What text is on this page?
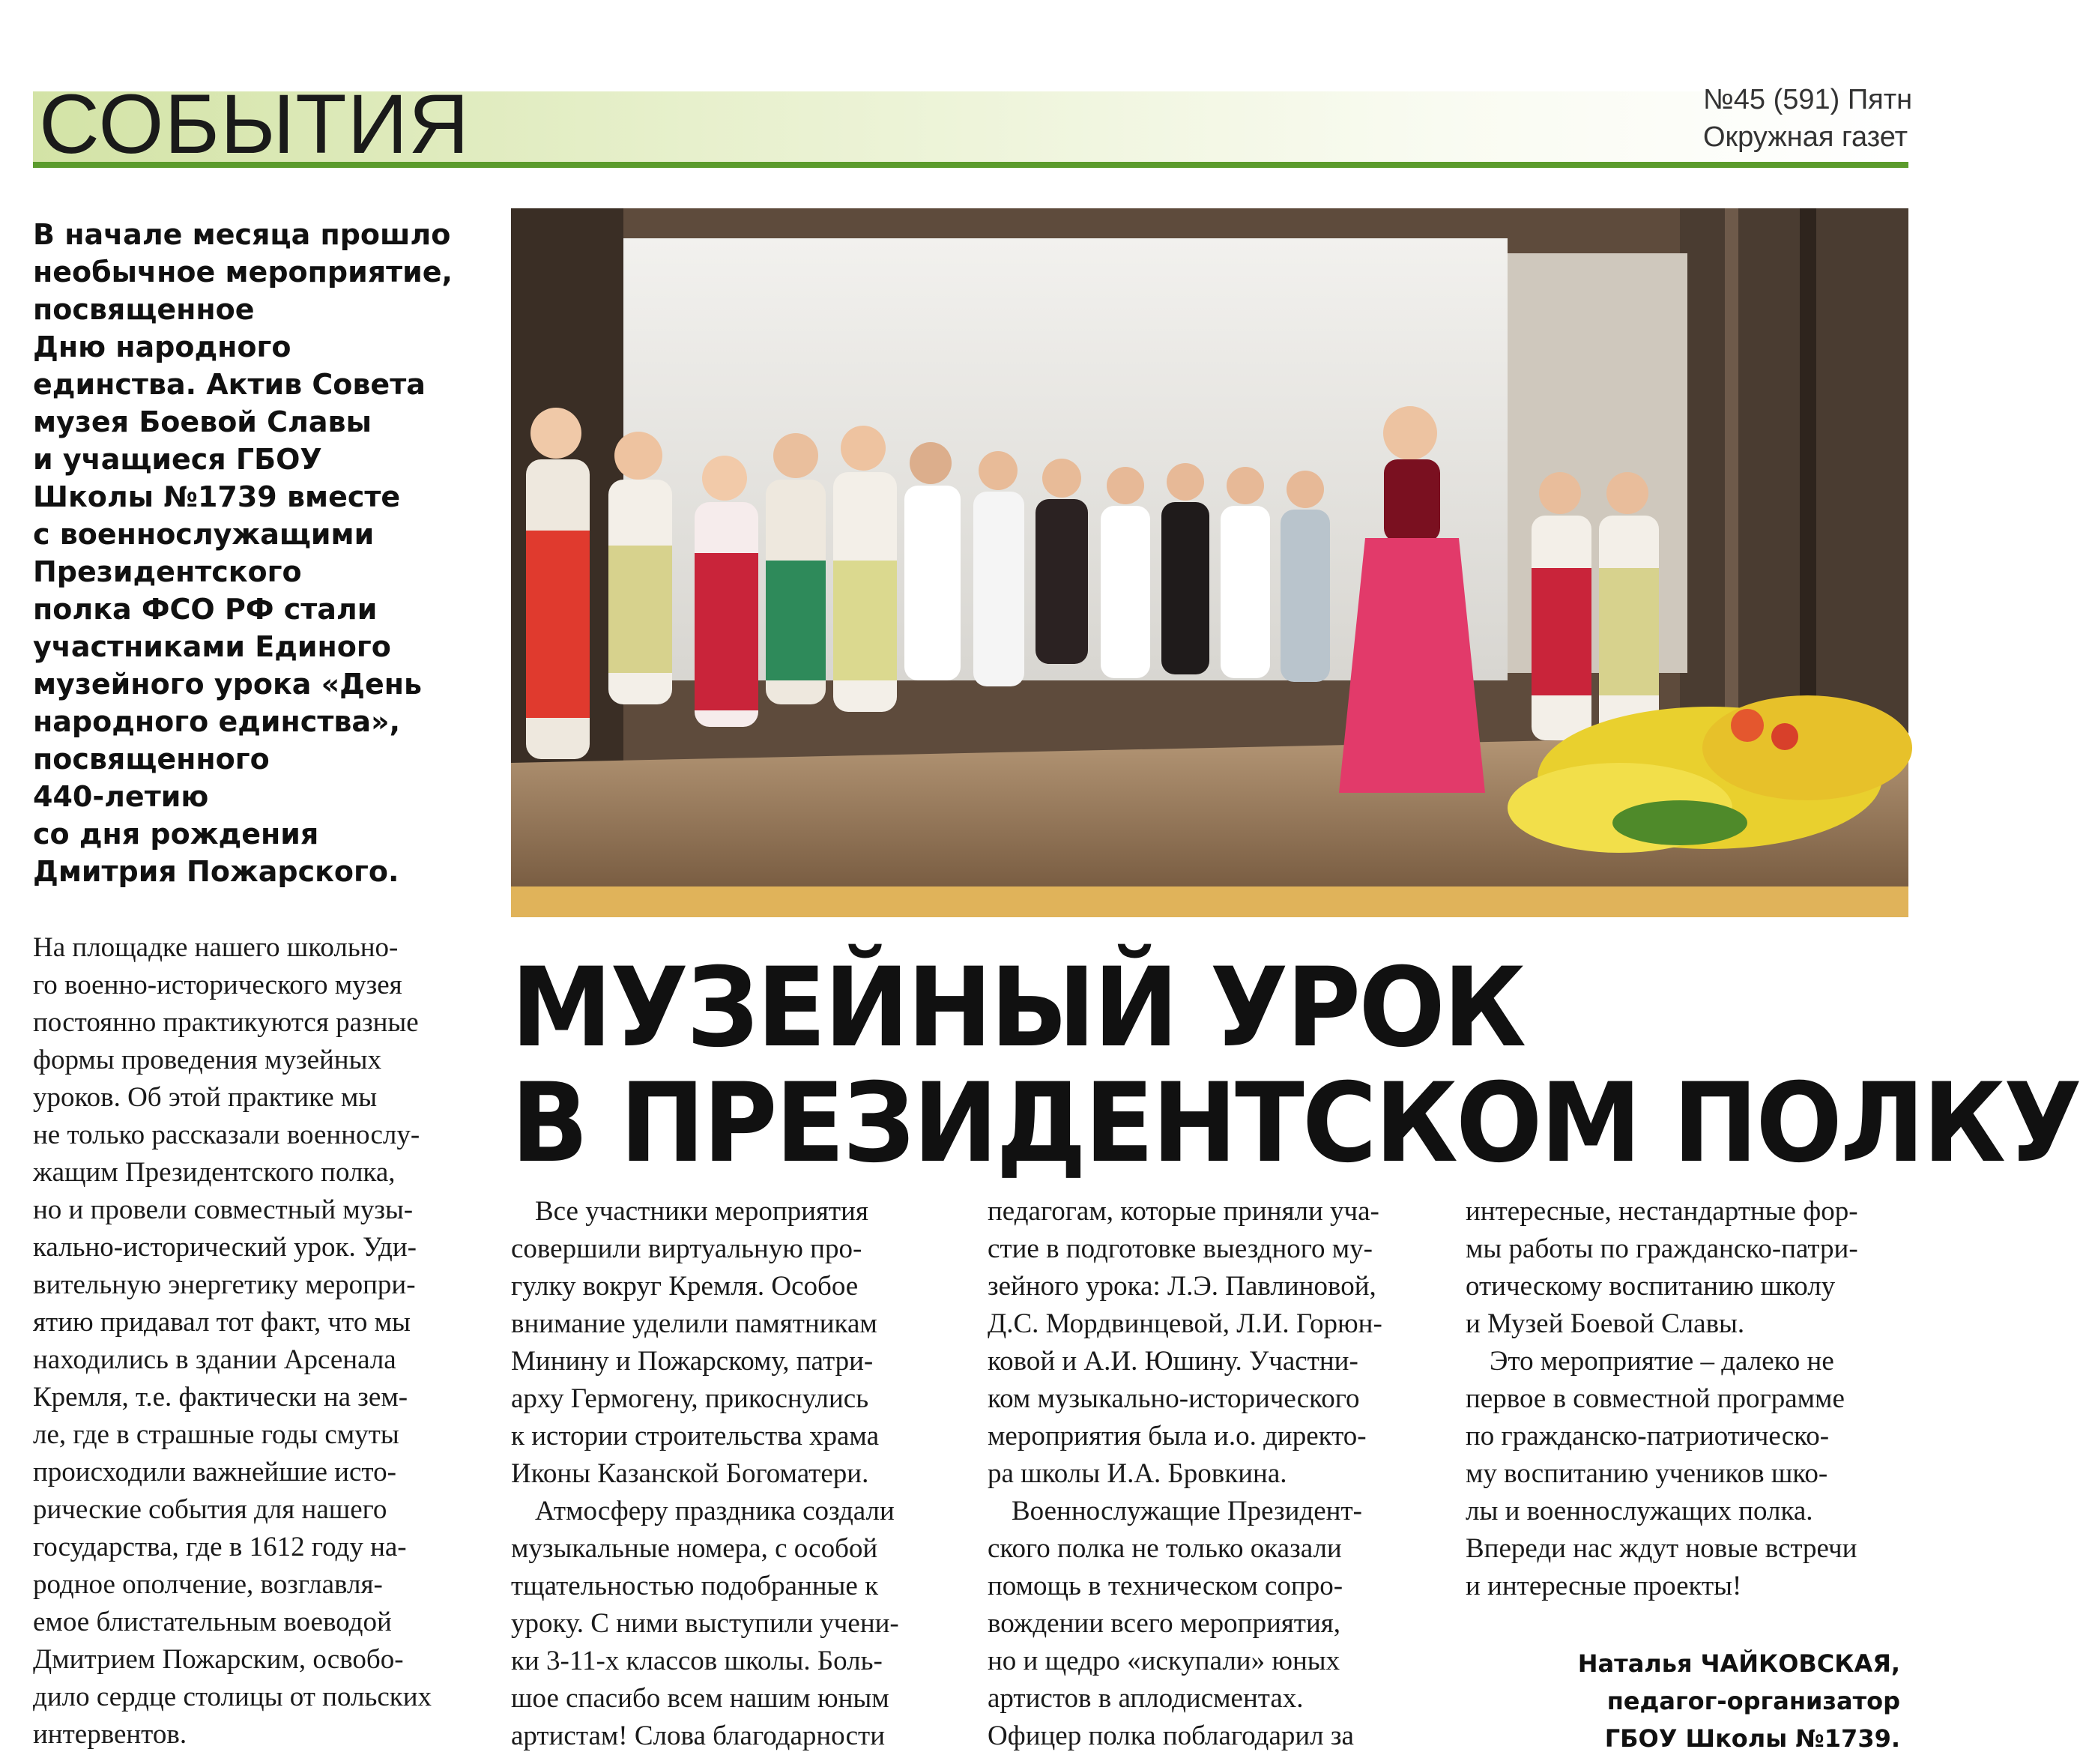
СОБЫТИЯ	№45 (591) Пятн
Окружная газет

В начале месяца прошло
необычное мероприятие,
посвященное
Дню народного
единства. Актив Совета
музея Боевой Славы
и учащиеся ГБОУ
Школы №1739 вместе
с военнослужащими
Президентского
полка ФСО РФ стали
участниками Единого
музейного урока «День
народного единства»,
посвященного
440-летию
со дня рождения
Дмитрия Пожарского.

МУЗЕЙНЫЙ УРОК
В ПРЕЗИДЕНТСКОМ ПОЛКУ
На площадке нашего школьно-
го военно-исторического музея
постоянно практикуются разные
формы проведения музейных
уроков. Об этой практике мы
не только рассказали военнослу-
жащим Президентского полка,
но и провели совместный музы-
кально-исторический урок. Уди-
вительную энергетику меропри-
ятию придавал тот факт, что мы
находились в здании Арсенала
Кремля, т.е. фактически на зем-
ле, где в страшные годы смуты
происходили важнейшие исто-
рические события для нашего
государства, где в 1612 году на-
родное ополчение, возглавля-
емое блистательным воеводой
Дмитрием Пожарским, освобо-
дило сердце столицы от польских
интервентов.
Все участники мероприятия
совершили виртуальную про-
гулку вокруг Кремля. Особое
внимание уделили памятникам
Минину и Пожарскому, патри-
арху Гермогену, прикоснулись
к истории строительства храма
Иконы Казанской Богоматери.
Атмосферу праздника создали
музыкальные номера, с особой
тщательностью подобранные к
уроку. С ними выступили учени-
ки 3-11-х классов школы. Боль-
шое спасибо всем нашим юным
артистам! Слова благодарности
педагогам, которые приняли уча-
стие в подготовке выездного му-
зейного урока: Л.Э. Павлиновой,
Д.С. Мордвинцевой, Л.И. Горюн-
ковой и А.И. Юшину. Участни-
ком музыкально-исторического
мероприятия была и.о. директо-
ра школы И.А. Бровкина.
Военнослужащие Президент-
ского полка не только оказали
помощь в техническом сопро-
вождении всего мероприятия,
но и щедро «искупали» юных
артистов в аплодисментах.
Офицер полка поблагодарил за
интересные, нестандартные фор-
мы работы по гражданско-патри-
отическому воспитанию школу
и Музей Боевой Славы.
Это мероприятие – далеко не
первое в совместной программе
по гражданско-патриотическо-
му воспитанию учеников шко-
лы и военнослужащих полка.
Впереди нас ждут новые встречи
и интересные проекты!
Наталья ЧАЙКОВСКАЯ,
педагог-организатор
ГБОУ Школы №1739.
